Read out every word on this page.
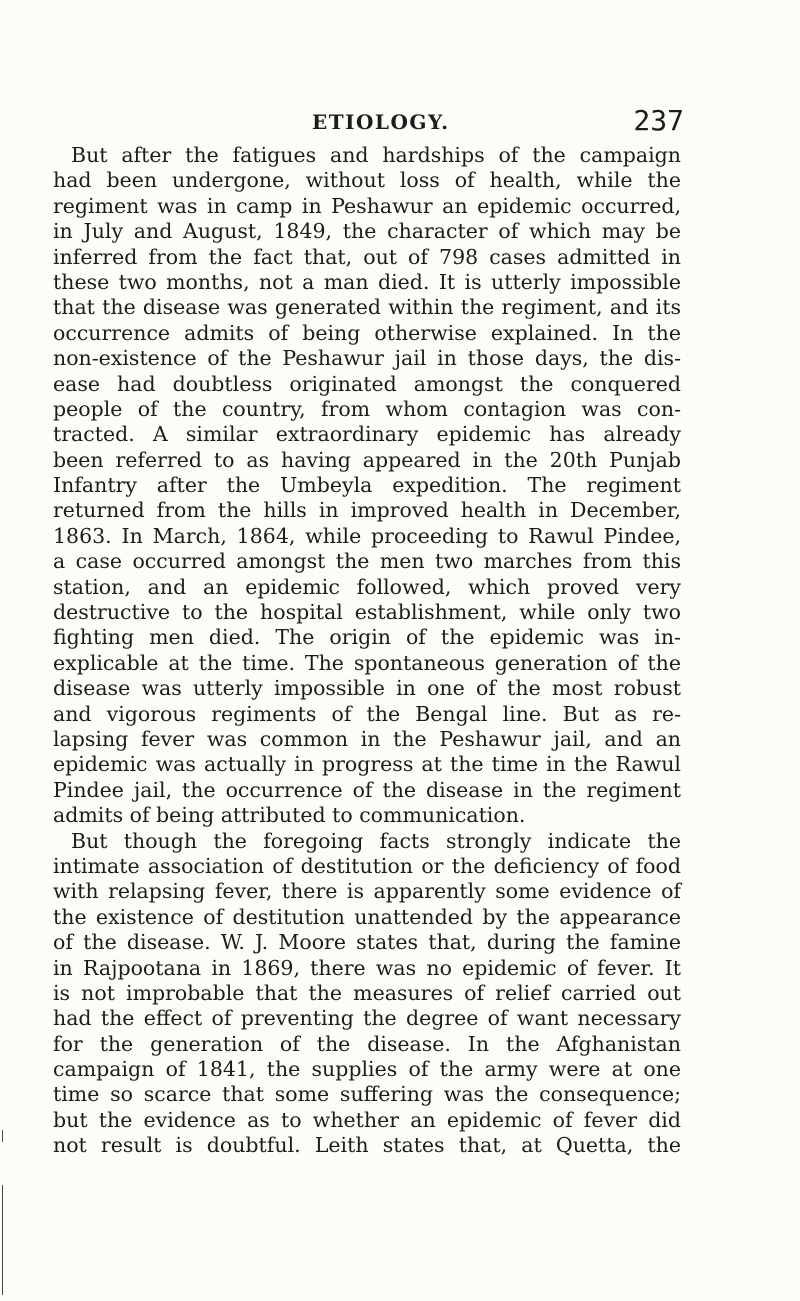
ETIOLOGY.	237
But after the fatigues and hardships of the campaign
had been undergone, without loss of health, while the
regiment was in camp in Peshawur an epidemic occurred,
in July and August, 1849, the character of which may be
inferred from the fact that, out of 798 cases admitted in
these two months, not a man died. It is utterly impossible
that the disease was generated within the regiment, and its
occurrence admits of being otherwise explained. In the
non-existence of the Peshawur jail in those days, the dis-
ease had doubtless originated amongst the conquered
people of the country, from whom contagion was con-
tracted. A similar extraordinary epidemic has already
been referred to as having appeared in the 20th Punjab
Infantry after the Umbeyla expedition. The regiment
returned from the hills in improved health in December,
1863. In March, 1864, while proceeding to Rawul Pindee,
a case occurred amongst the men two marches from this
station, and an epidemic followed, which proved very
destructive to the hospital establishment, while only two
fighting men died. The origin of the epidemic was in-
explicable at the time. The spontaneous generation of the
disease was utterly impossible in one of the most robust
and vigorous regiments of the Bengal line. But as re-
lapsing fever was common in the Peshawur jail, and an
epidemic was actually in progress at the time in the Rawul
Pindee jail, the occurrence of the disease in the regiment
admits of being attributed to communication.
But though the foregoing facts strongly indicate the
intimate association of destitution or the deficiency of food
with relapsing fever, there is apparently some evidence of
the existence of destitution unattended by the appearance
of the disease. W. J. Moore states that, during the famine
in Rajpootana in 1869, there was no epidemic of fever. It
is not improbable that the measures of relief carried out
had the effect of preventing the degree of want necessary
for the generation of the disease. In the Afghanistan
campaign of 1841, the supplies of the army were at one
time so scarce that some suffering was the consequence;
but the evidence as to whether an epidemic of fever did
not result is doubtful. Leith states that, at Quetta, the
